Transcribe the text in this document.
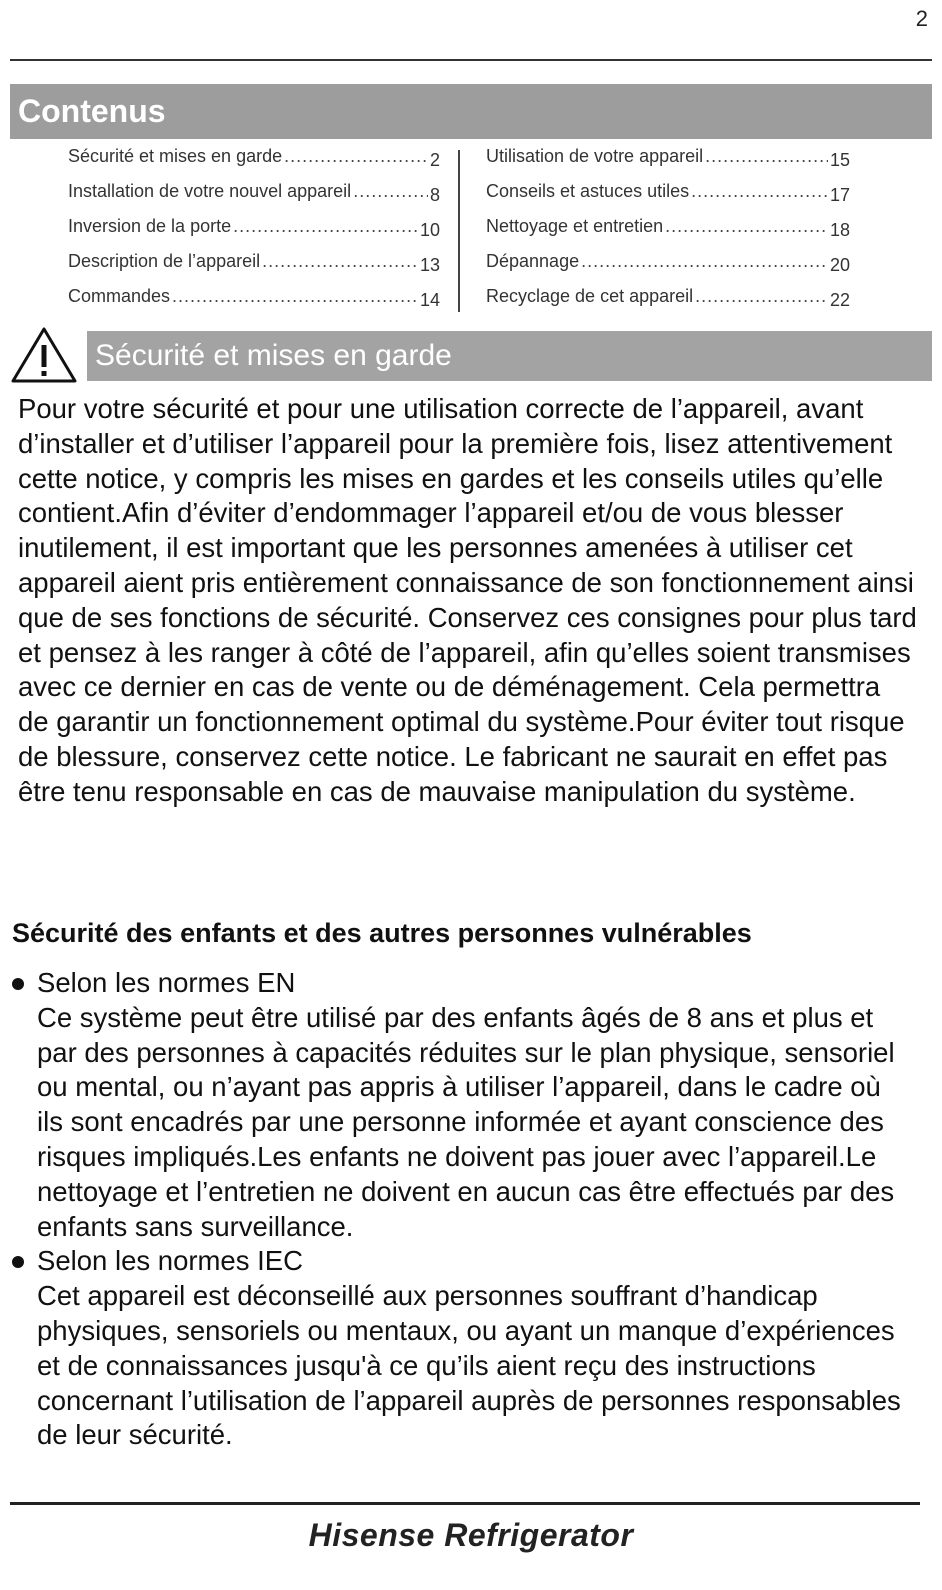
2
Contenus
Sécurité et mises en garde .....	2
Installation de votre nouvel appareil .....	8
Inversion de la porte .....	10
Description de l’appareil .....	13
Commandes .....	14
Utilisation de votre appareil .....	15
Conseils et astuces utiles .....	17
Nettoyage et entretien .....	18
Dépannage .....	20
Recyclage de cet appareil .....	22
Sécurité et mises en garde

Pour votre sécurité et pour une utilisation correcte de l’appareil, avant d’installer et d’utiliser l’appareil pour la première fois, lisez attentivement cette notice, y compris les mises en gardes et les conseils utiles qu’elle contient.Afin d’éviter d’endommager l’appareil et/ou de vous blesser inutilement, il est important que les personnes amenées à utiliser cet appareil aient pris entièrement connaissance de son fonctionnement ainsi que de ses fonctions de sécurité. Conservez ces consignes pour plus tard et pensez à les ranger à côté de l’appareil, afin qu’elles soient transmises avec ce dernier en cas de vente ou de déménagement. Cela permettra de garantir un fonctionnement optimal du système.Pour éviter tout risque de blessure, conservez cette notice. Le fabricant ne saurait en effet pas être tenu responsable en cas de mauvaise manipulation du système.

Sécurité des enfants et des autres personnes vulnérables

Selon les normes EN

Ce système peut être utilisé par des enfants âgés de 8 ans et plus et par des personnes à capacités réduites sur le plan physique, sensoriel ou mental, ou n’ayant pas appris à utiliser l’appareil, dans le cadre où ils sont encadrés par une personne informée et ayant conscience des risques impliqués.Les enfants ne doivent pas jouer avec l’appareil.Le nettoyage et l’entretien ne doivent en aucun cas être effectués par des enfants sans surveillance.

Selon les normes IEC

Cet appareil est déconseillé aux personnes souffrant d’handicap physiques, sensoriels ou mentaux, ou ayant un manque d’expériences et de connaissances jusqu'à ce qu’ils aient reçu des instructions concernant l’utilisation de l’appareil auprès de personnes responsables de leur sécurité.

Hisense Refrigerator
